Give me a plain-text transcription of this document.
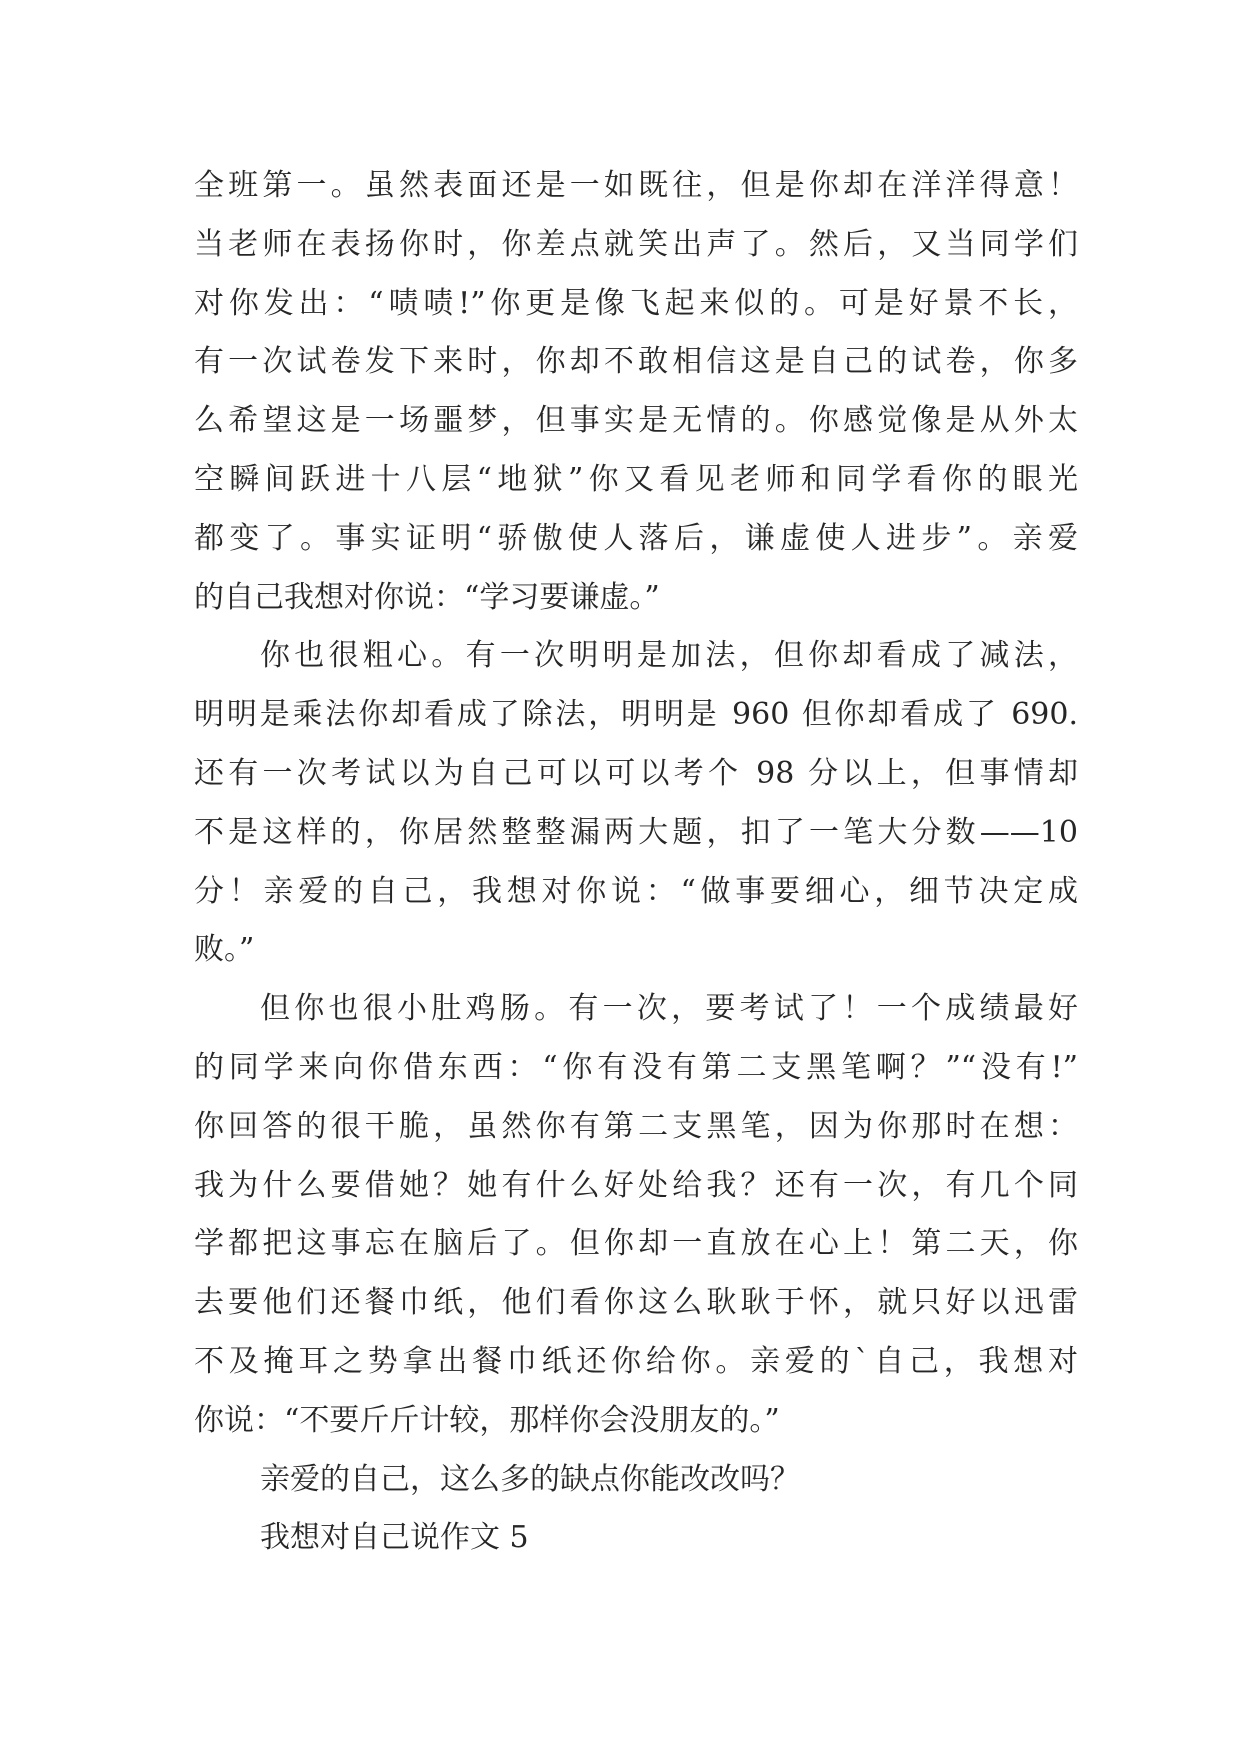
全班第一。虽然表面还是一如既往，但是你却在洋洋得意！
当老师在表扬你时，你差点就笑出声了。然后，又当同学们
对你发出：“啧啧!”你更是像飞起来似的。可是好景不长，
有一次试卷发下来时，你却不敢相信这是自己的试卷，你多
么希望这是一场噩梦，但事实是无情的。你感觉像是从外太
空瞬间跃进十八层“地狱”你又看见老师和同学看你的眼光
都变了。事实证明“骄傲使人落后，谦虚使人进步”。亲爱
的自己我想对你说：“学习要谦虚。”
你也很粗心。有一次明明是加法，但你却看成了减法，
明明是乘法你却看成了除法，明明是 960 但你却看成了 690.
还有一次考试以为自己可以可以考个 98 分以上，但事情却
不是这样的，你居然整整漏两大题，扣了一笔大分数——10
分！亲爱的自己，我想对你说：“做事要细心，细节决定成
败。”
但你也很小肚鸡肠。有一次，要考试了！一个成绩最好
的同学来向你借东西：“你有没有第二支黑笔啊？”“没有!”
你回答的很干脆，虽然你有第二支黑笔，因为你那时在想：
我为什么要借她？她有什么好处给我？还有一次，有几个同
学都把这事忘在脑后了。但你却一直放在心上！第二天，你
去要他们还餐巾纸，他们看你这么耿耿于怀，就只好以迅雷
不及掩耳之势拿出餐巾纸还你给你。亲爱的`自己，我想对
你说：“不要斤斤计较，那样你会没朋友的。”
亲爱的自己，这么多的缺点你能改改吗？
我想对自己说作文 5
